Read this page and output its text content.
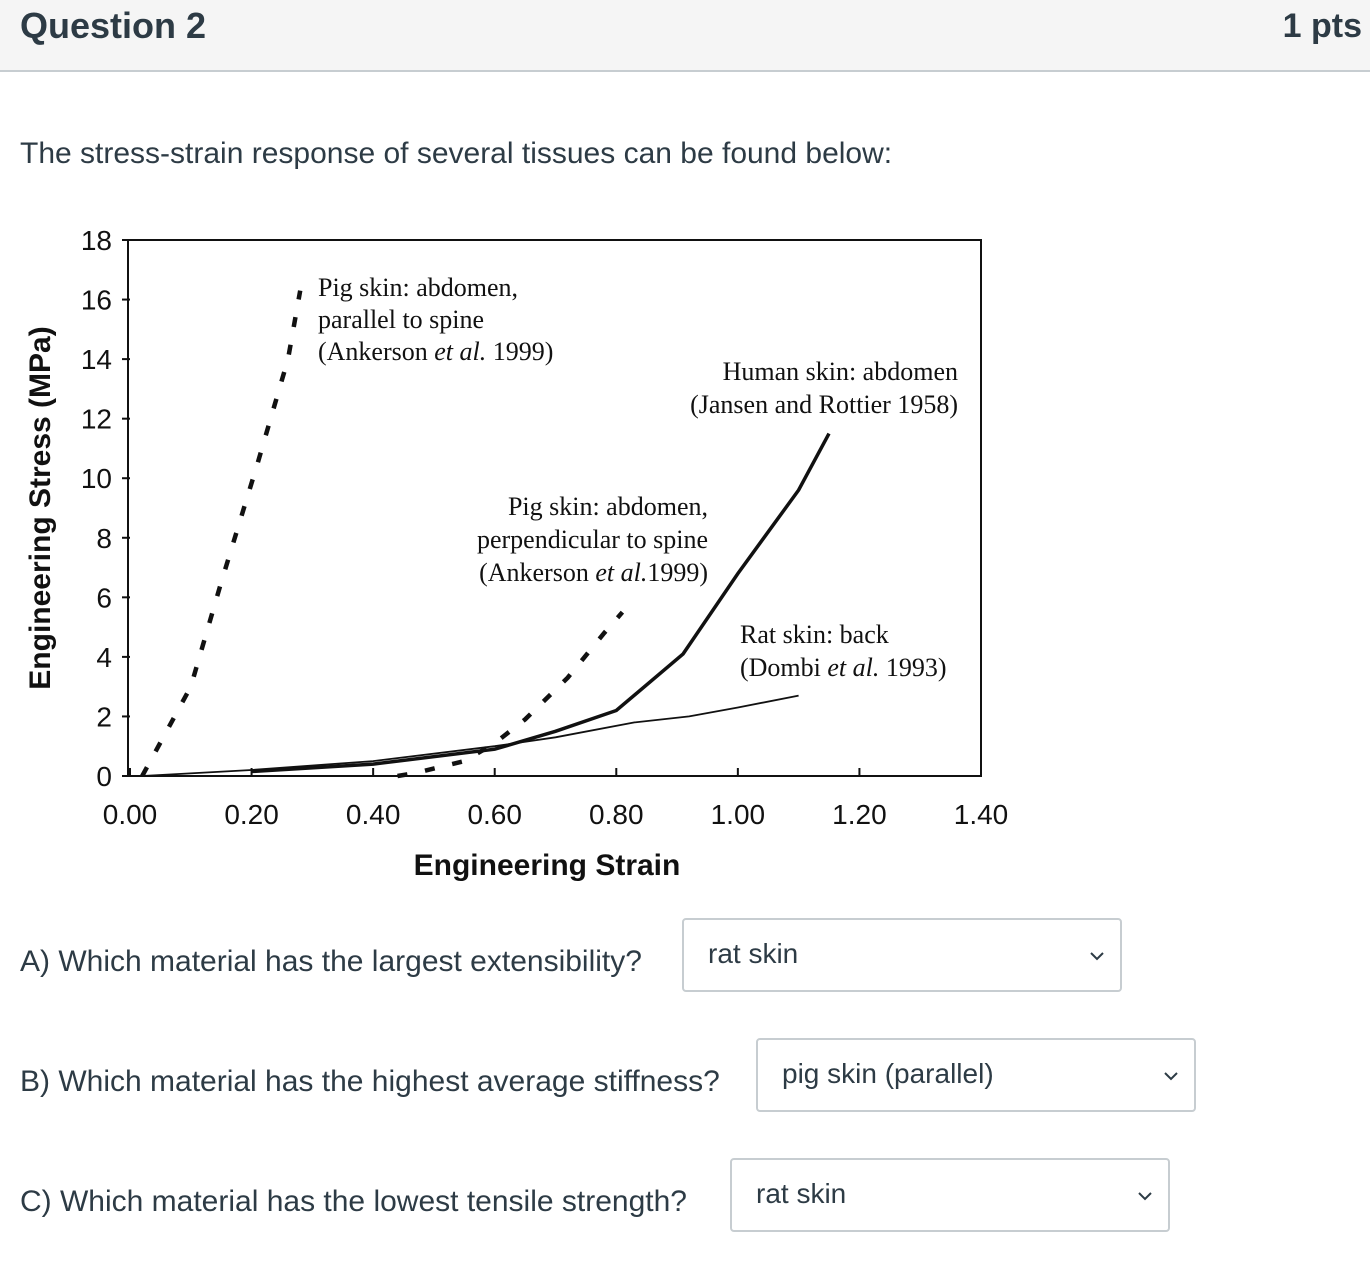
Question 2	1 pts
The stress-strain response of several tissues can be found below:
0.00 0.20 0.40 0.60 0.80 1.00 1.20 1.40
0
2
4
6
8
10
12
14
16
18
Engineering Strain
Engineering Stress (MPa)
Pig skin: abdomen,
parallel to spine
(Ankerson et al. 1999)
Human skin: abdomen
(Jansen and Rottier 1958)
Pig skin: abdomen,
perpendicular to spine
(Ankerson et al.1999)
Rat skin: back
(Dombi et al. 1993)
A) Which material has the largest extensibility? rat skin
B) Which material has the highest average stiffness? pig skin (parallel)
C) Which material has the lowest tensile strength? rat skin
